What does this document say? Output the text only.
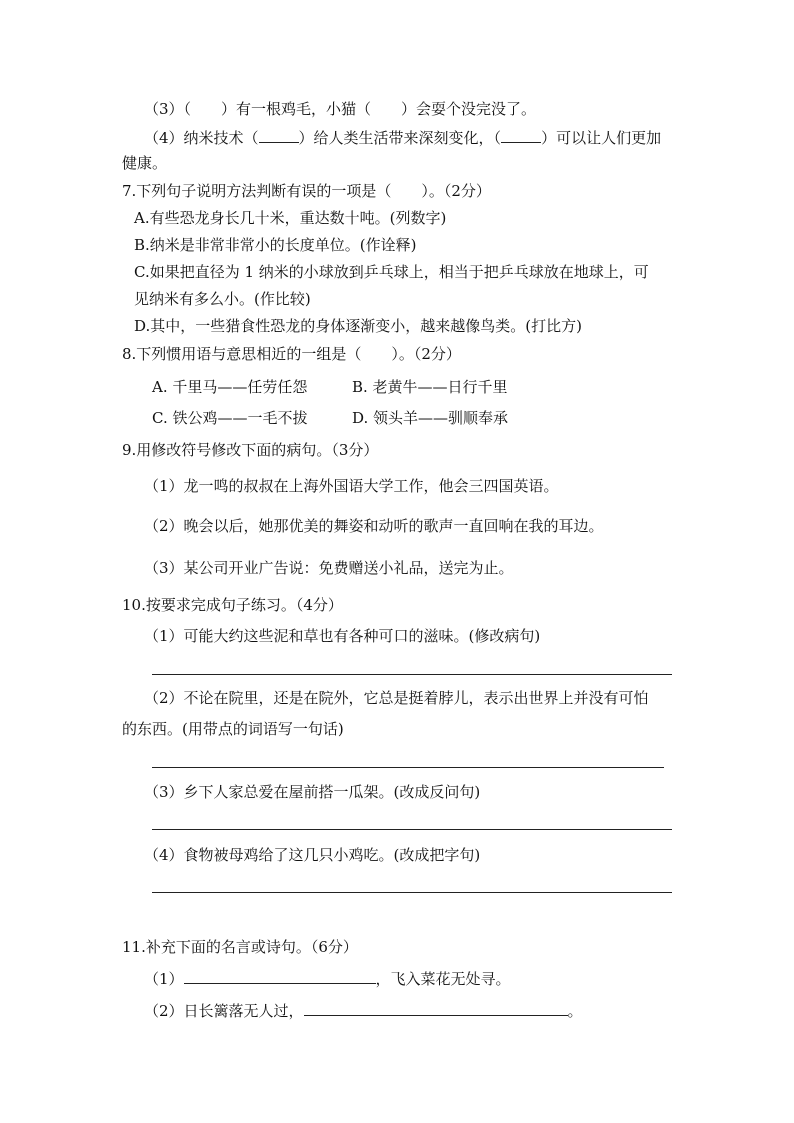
（3）（　　）有一根鸡毛，小猫（　　）会耍个没完没了。
（4）纳米技术（	）给人类生活带来深刻变化，（	）可以让人们更加
健康。
7.下列句子说明方法判断有误的一项是（　　）。（2分）
A.有些恐龙身长几十米，重达数十吨。(列数字)
B.纳米是非常非常小的长度单位。(作诠释)
C.如果把直径为 1 纳米的小球放到乒乓球上，相当于把乒乓球放在地球上，可
见纳米有多么小。(作比较)
D.其中，一些猎食性恐龙的身体逐渐变小，越来越像鸟类。(打比方)
8.下列惯用语与意思相近的一组是（　　）。（2分）
A. 千里马——任劳任怨	B. 老黄牛——日行千里
C. 铁公鸡——一毛不拔	D. 领头羊——驯顺奉承
9.用修改符号修改下面的病句。（3分）
（1）龙一鸣的叔叔在上海外国语大学工作，他会三四国英语。
（2）晚会以后，她那优美的舞姿和动听的歌声一直回响在我的耳边。
（3）某公司开业广告说：免费赠送小礼品，送完为止。
10.按要求完成句子练习。（4分）
（1）可能大约这些泥和草也有各种可口的滋味。(修改病句)
（2）不论在院里，还是在院外，它总是挺着脖儿，表示出世界上并没有可怕
的东西。(用带点的词语写一句话)
（3）乡下人家总爱在屋前搭一瓜架。(改成反问句)
（4）食物被母鸡给了这几只小鸡吃。(改成把字句)
11.补充下面的名言或诗句。（6分）
（1）	，飞入菜花无处寻。
（2）日长篱落无人过，	。
